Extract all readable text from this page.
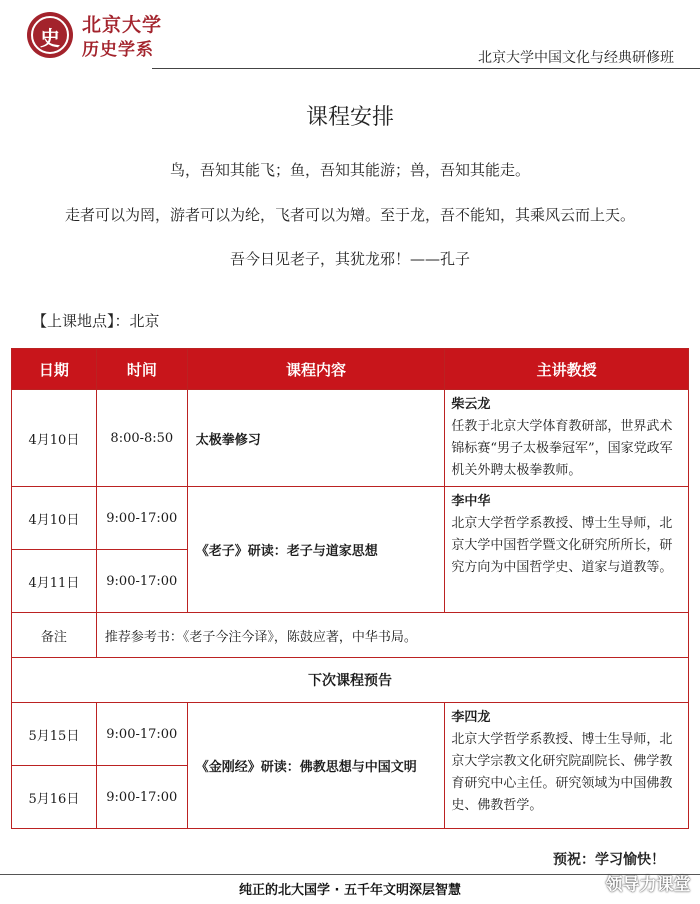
史
北京大学
历史学系	北京大学中国文化与经典研修班
课程安排
鸟，吾知其能飞；鱼，吾知其能游；兽，吾知其能走。
走者可以为罔，游者可以为纶，飞者可以为矰。至于龙，吾不能知，其乘风云而上天。
吾今日见老子，其犹龙邪！——孔子
【上课地点】：北京
日期	时间	课程内容	主讲教授
4月10日	8:00-8:50	太极拳修习	柴云龙
任教于北京大学体育教研部，世界武术锦标赛“男子太极拳冠军”，国家党政军机关外聘太极拳教师。

4月10日	9:00-17:00	《老子》研读：老子与道家思想	李中华
北京大学哲学系教授、博士生导师，北京大学中国哲学暨文化研究所所长，研究方向为中国哲学史、道家与道教等。

4月11日	9:00-17:00		
备注	推荐参考书：《老子今注今译》，陈鼓应著，中华书局。		
下次课程预告			
5月15日	9:00-17:00	《金刚经》研读：佛教思想与中国文明	李四龙
北京大学哲学系教授、博士生导师，北京大学宗教文化研究院副院长、佛学教育研究中心主任。研究领域为中国佛教史、佛教哲学。

5月16日	9:00-17:00		
预祝：学习愉快！
纯正的北大国学 · 五千年文明深层智慧	领导力课堂
